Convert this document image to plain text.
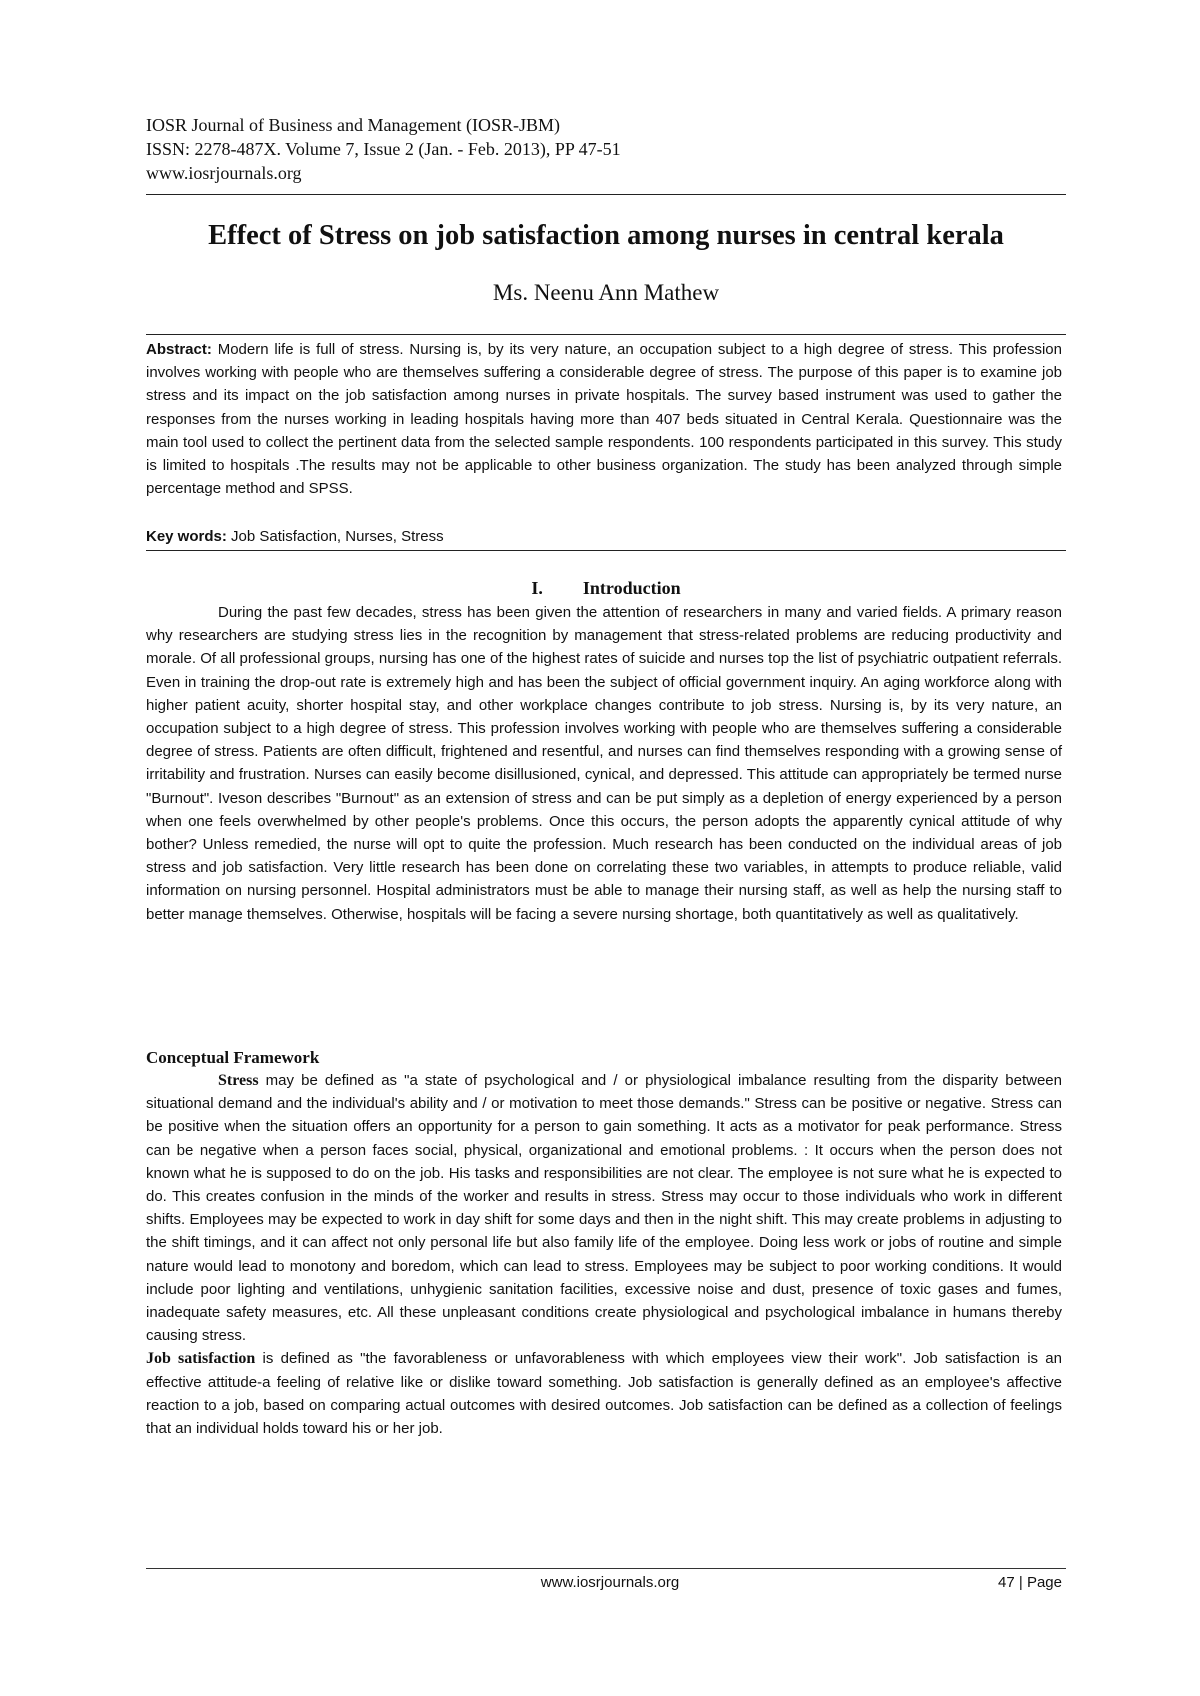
IOSR Journal of Business and Management (IOSR-JBM)
ISSN: 2278-487X. Volume 7, Issue 2 (Jan. - Feb. 2013), PP 47-51
www.iosrjournals.org
Effect of Stress on job satisfaction among nurses in central kerala
Ms. Neenu Ann Mathew
Abstract: Modern life is full of stress. Nursing is, by its very nature, an occupation subject to a high degree of stress. This profession involves working with people who are themselves suffering a considerable degree of stress. The purpose of this paper is to examine job stress and its impact on the job satisfaction among nurses in private hospitals. The survey based instrument was used to gather the responses from the nurses working in leading hospitals having more than 407 beds situated in Central Kerala. Questionnaire was the main tool used to collect the pertinent data from the selected sample respondents. 100 respondents participated in this survey. This study is limited to hospitals .The results may not be applicable to other business organization. The study has been analyzed through simple percentage method and SPSS.
Key words: Job Satisfaction, Nurses, Stress
I. Introduction

During the past few decades, stress has been given the attention of researchers in many and varied fields. A primary reason why researchers are studying stress lies in the recognition by management that stress-related problems are reducing productivity and morale. Of all professional groups, nursing has one of the highest rates of suicide and nurses top the list of psychiatric outpatient referrals. Even in training the drop-out rate is extremely high and has been the subject of official government inquiry. An aging workforce along with higher patient acuity, shorter hospital stay, and other workplace changes contribute to job stress. Nursing is, by its very nature, an occupation subject to a high degree of stress. This profession involves working with people who are themselves suffering a considerable degree of stress. Patients are often difficult, frightened and resentful, and nurses can find themselves responding with a growing sense of irritability and frustration. Nurses can easily become disillusioned, cynical, and depressed. This attitude can appropriately be termed nurse "Burnout". Iveson describes "Burnout" as an extension of stress and can be put simply as a depletion of energy experienced by a person when one feels overwhelmed by other people's problems. Once this occurs, the person adopts the apparently cynical attitude of why bother? Unless remedied, the nurse will opt to quite the profession. Much research has been conducted on the individual areas of job stress and job satisfaction. Very little research has been done on correlating these two variables, in attempts to produce reliable, valid information on nursing personnel. Hospital administrators must be able to manage their nursing staff, as well as help the nursing staff to better manage themselves. Otherwise, hospitals will be facing a severe nursing shortage, both quantitatively as well as qualitatively.

Conceptual Framework

Stress may be defined as "a state of psychological and / or physiological imbalance resulting from the disparity between situational demand and the individual's ability and / or motivation to meet those demands." Stress can be positive or negative. Stress can be positive when the situation offers an opportunity for a person to gain something. It acts as a motivator for peak performance. Stress can be negative when a person faces social, physical, organizational and emotional problems. : It occurs when the person does not known what he is supposed to do on the job. His tasks and responsibilities are not clear. The employee is not sure what he is expected to do. This creates confusion in the minds of the worker and results in stress. Stress may occur to those individuals who work in different shifts. Employees may be expected to work in day shift for some days and then in the night shift. This may create problems in adjusting to the shift timings, and it can affect not only personal life but also family life of the employee. Doing less work or jobs of routine and simple nature would lead to monotony and boredom, which can lead to stress. Employees may be subject to poor working conditions. It would include poor lighting and ventilations, unhygienic sanitation facilities, excessive noise and dust, presence of toxic gases and fumes, inadequate safety measures, etc. All these unpleasant conditions create physiological and psychological imbalance in humans thereby causing stress.

Job satisfaction is defined as "the favorableness or unfavorableness with which employees view their work". Job satisfaction is an effective attitude-a feeling of relative like or dislike toward something. Job satisfaction is generally defined as an employee's affective reaction to a job, based on comparing actual outcomes with desired outcomes. Job satisfaction can be defined as a collection of feelings that an individual holds toward his or her job.

www.iosrjournals.org	47 | Page
